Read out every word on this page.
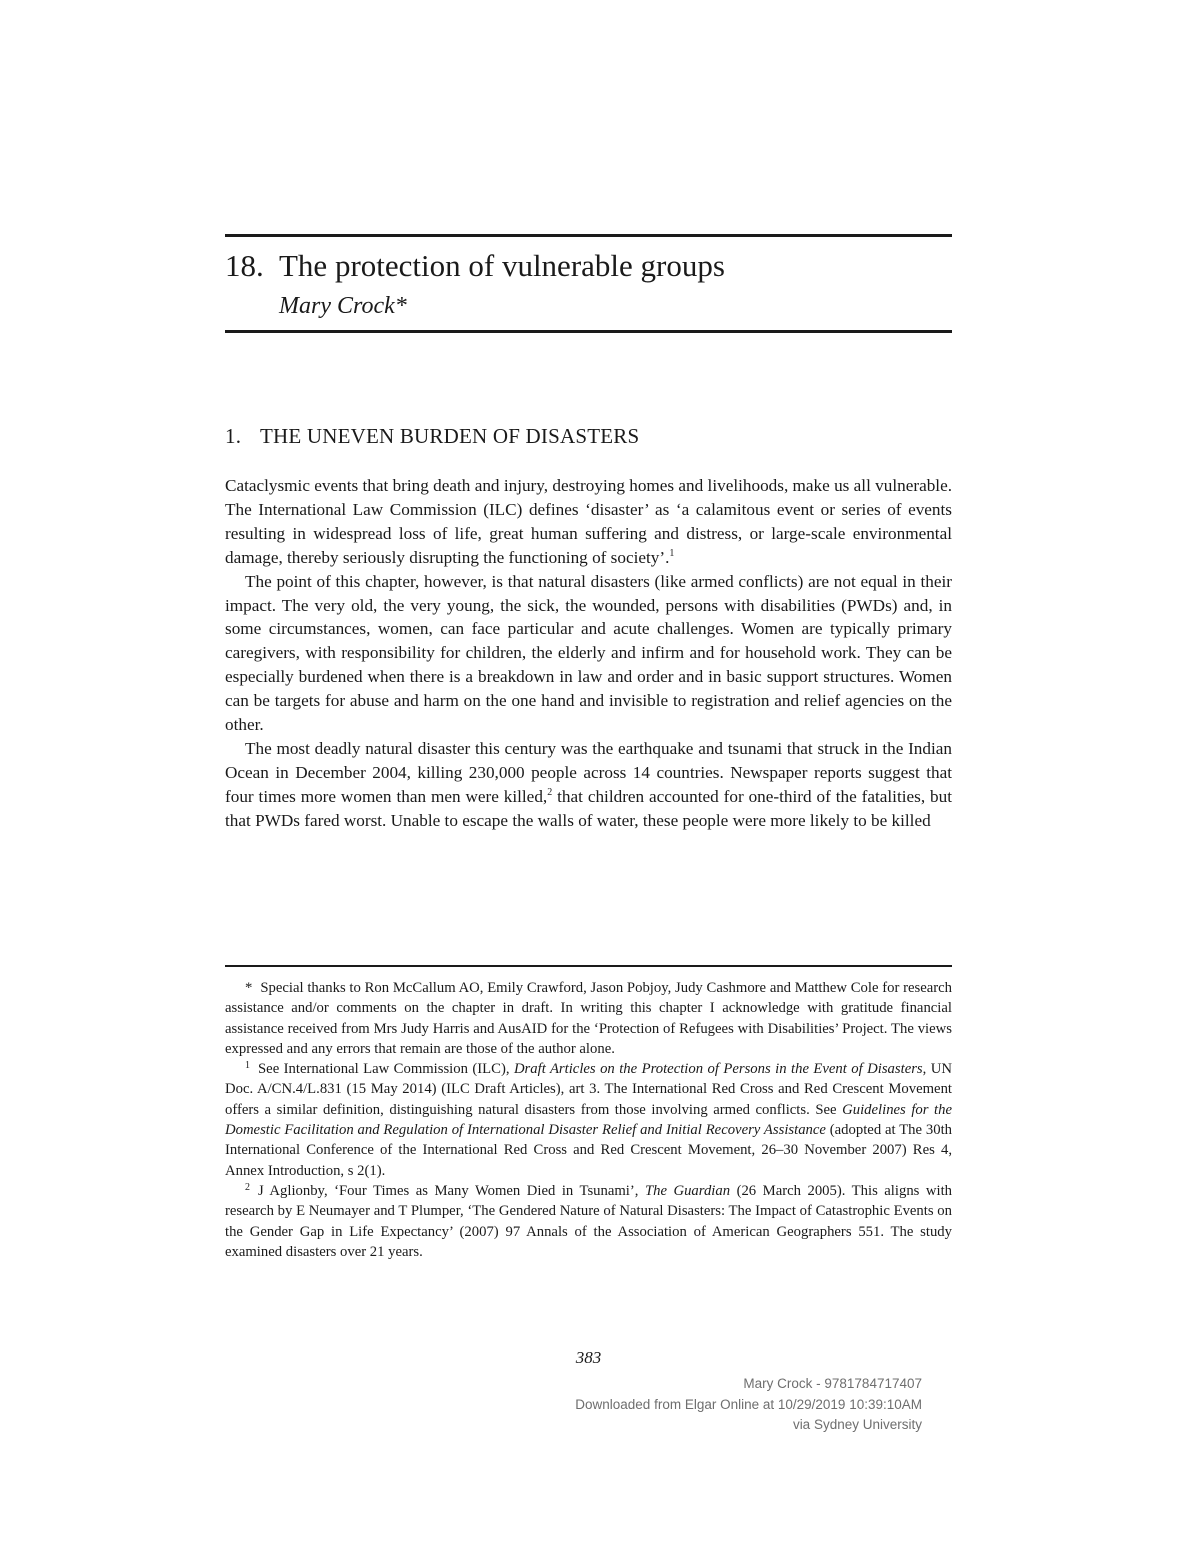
18. The protection of vulnerable groups
Mary Crock*
1. THE UNEVEN BURDEN OF DISASTERS

Cataclysmic events that bring death and injury, destroying homes and livelihoods, make us all vulnerable. The International Law Commission (ILC) defines ‘disaster’ as ‘a calamitous event or series of events resulting in widespread loss of life, great human suffering and distress, or large-scale environmental damage, thereby seriously disrupting the functioning of society’.$^1$

The point of this chapter, however, is that natural disasters (like armed conflicts) are not equal in their impact. The very old, the very young, the sick, the wounded, persons with disabilities (PWDs) and, in some circumstances, women, can face particular and acute challenges. Women are typically primary caregivers, with responsibility for children, the elderly and infirm and for household work. They can be especially burdened when there is a breakdown in law and order and in basic support structures. Women can be targets for abuse and harm on the one hand and invisible to registration and relief agencies on the other.

The most deadly natural disaster this century was the earthquake and tsunami that struck in the Indian Ocean in December 2004, killing 230,000 people across 14 countries. Newspaper reports suggest that four times more women than men were killed,$^2$ that children accounted for one-third of the fatalities, but that PWDs fared worst. Unable to escape the walls of water, these people were more likely to be killed

* Special thanks to Ron McCallum AO, Emily Crawford, Jason Pobjoy, Judy Cashmore and Matthew Cole for research assistance and/or comments on the chapter in draft. In writing this chapter I acknowledge with gratitude financial assistance received from Mrs Judy Harris and AusAID for the ‘Protection of Refugees with Disabilities’ Project. The views expressed and any errors that remain are those of the author alone.

$^1$ See International Law Commission (ILC), Draft Articles on the Protection of Persons in the Event of Disasters, UN Doc. A/CN.4/L.831 (15 May 2014) (ILC Draft Articles), art 3. The International Red Cross and Red Crescent Movement offers a similar definition, distinguishing natural disasters from those involving armed conflicts. See Guidelines for the Domestic Facilitation and Regulation of International Disaster Relief and Initial Recovery Assistance (adopted at The 30th International Conference of the International Red Cross and Red Crescent Movement, 26–30 November 2007) Res 4, Annex Introduction, s 2(1).

$^2$ J Aglionby, ‘Four Times as Many Women Died in Tsunami’, The Guardian (26 March 2005). This aligns with research by E Neumayer and T Plumper, ‘The Gendered Nature of Natural Disasters: The Impact of Catastrophic Events on the Gender Gap in Life Expectancy’ (2007) 97 Annals of the Association of American Geographers 551. The study examined disasters over 21 years.

383
Mary Crock - 9781784717407
Downloaded from Elgar Online at 10/29/2019 10:39:10AM
via Sydney University
